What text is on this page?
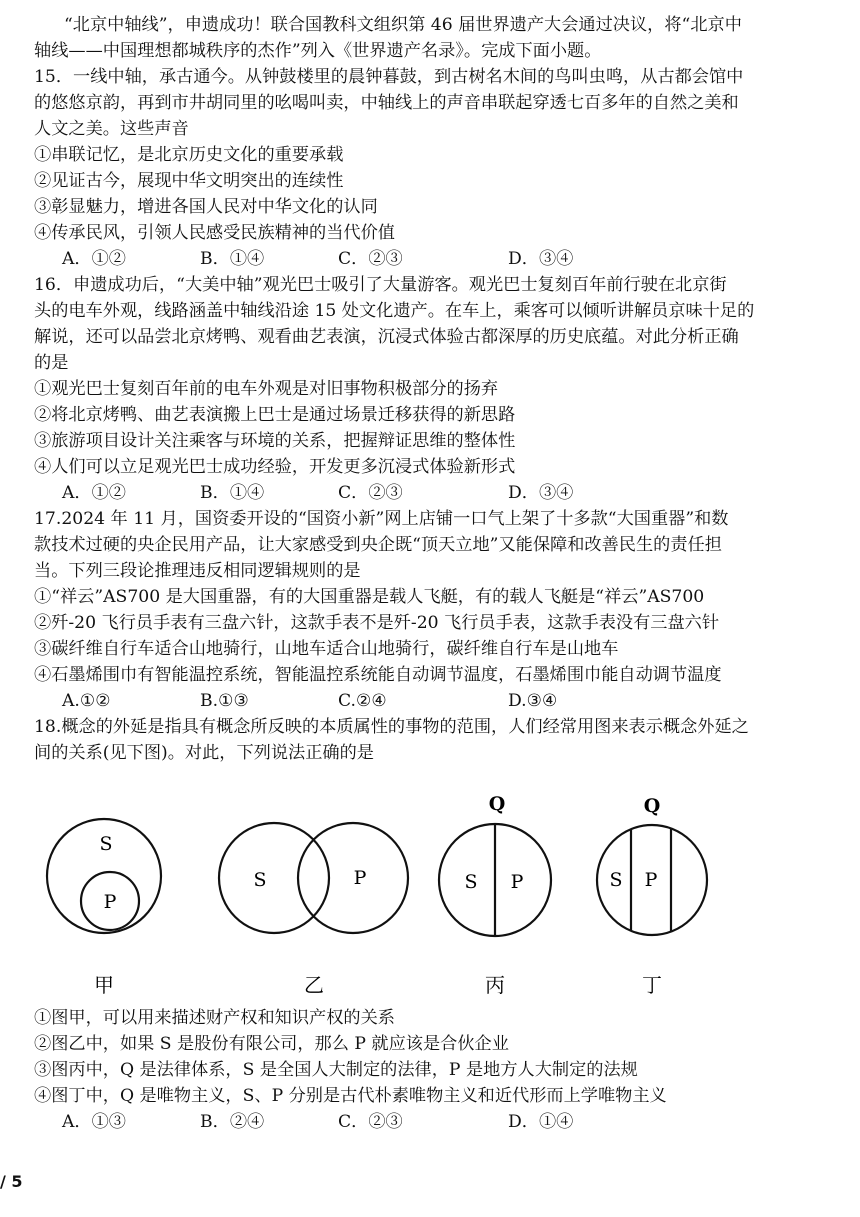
“北京中轴线”，申遗成功！联合国教科文组织第 46 届世界遗产大会通过决议，将“北京中
轴线——中国理想都城秩序的杰作”列入《世界遗产名录》。完成下面小题。
15．一线中轴，承古通今。从钟鼓楼里的晨钟暮鼓，到古树名木间的鸟叫虫鸣，从古都会馆中
的悠悠京韵，再到市井胡同里的吆喝叫卖，中轴线上的声音串联起穿透七百多年的自然之美和
人文之美。这些声音
①串联记忆，是北京历史文化的重要承载
②见证古今，展现中华文明突出的连续性
③彰显魅力，增进各国人民对中华文化的认同
④传承民风，引领人民感受民族精神的当代价值
A．①②	B．①④	C．②③	D．③④
16．申遗成功后，“大美中轴”观光巴士吸引了大量游客。观光巴士复刻百年前行驶在北京街
头的电车外观，线路涵盖中轴线沿途 15 处文化遗产。在车上，乘客可以倾听讲解员京味十足的
解说，还可以品尝北京烤鸭、观看曲艺表演，沉浸式体验古都深厚的历史底蕴。对此分析正确
的是
①观光巴士复刻百年前的电车外观是对旧事物积极部分的扬弃
②将北京烤鸭、曲艺表演搬上巴士是通过场景迁移获得的新思路
③旅游项目设计关注乘客与环境的关系，把握辩证思维的整体性
④人们可以立足观光巴士成功经验，开发更多沉浸式体验新形式
A．①②	B．①④	C．②③	D．③④
17.2024 年 11 月，国资委开设的“国资小新”网上店铺一口气上架了十多款“大国重器”和数
款技术过硬的央企民用产品，让大家感受到央企既“顶天立地”又能保障和改善民生的责任担
当。下列三段论推理违反相同逻辑规则的是
①“祥云”AS700 是大国重器，有的大国重器是载人飞艇，有的载人飞艇是“祥云”AS700
②歼-20 飞行员手表有三盘六针，这款手表不是歼-20 飞行员手表，这款手表没有三盘六针
③碳纤维自行车适合山地骑行，山地车适合山地骑行，碳纤维自行车是山地车
④石墨烯围巾有智能温控系统，智能温控系统能自动调节温度，石墨烯围巾能自动调节温度
A.①②	B.①③	C.②④	D.③④
18.概念的外延是指具有概念所反映的本质属性的事物的范围，人们经常用图来表示概念外延之
间的关系(见下图)。对此，下列说法正确的是
S
P
甲
S	P
乙
Q
S P
丙
Q
S P
丁
①图甲，可以用来描述财产权和知识产权的关系
②图乙中，如果 S 是股份有限公司，那么 P 就应该是合伙企业
③图丙中，Q 是法律体系，S 是全国人大制定的法律，P 是地方人大制定的法规
④图丁中，Q 是唯物主义，S、P 分别是古代朴素唯物主义和近代形而上学唯物主义
A．①③	B．②④	C．②③	D．①④
/ 5
